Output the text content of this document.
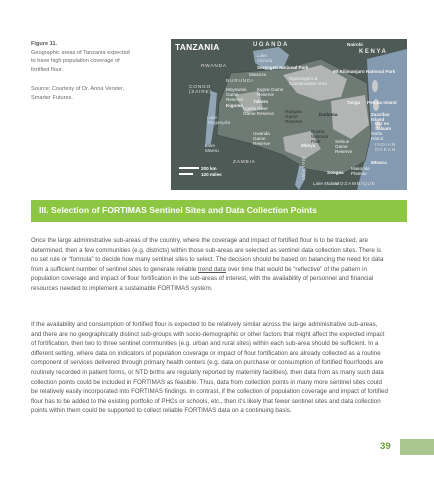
Figure 11.
Geographic areas of Tanzania expected to have high population coverage of fortified flour.
Source: Courtesy of Dr. Anna Verster, Smarter Futures.
TANZANIA	UGANDA	Nairobi
KENYA
Lake Victoria
RWANDA	Serengeti National Park
Mt Kilimanjaro National Park
Mwanza
BURUNDI
Ngorongoro & Conservation Area
CONGO (ZAIRE)
Moyowosi Game Reserve
Kigosi Game Reserve
Tabora
Kigoma
Tanga Pemba Island
Ugalla River Game Reserve	Rungwa Game Reserve
Dodoma	Zanzibar Island
Dar es Salaam
Lake Tanganyika
Ruaha National Park
Mafia Island
Uwanda Game Reserve	Mbeya
Selous Game Reserve
Lake Mweru
INDIAN OCEAN
ZAMBIA	Mtwara
Songea
Makonde Plateau
Lake Malawi
MALAWI
MOZAMBIQUE
200 km
120 miles
III. Selection of FORTIMAS Sentinel Sites and Data Collection Points
Once the large administrative sub-areas of the country, where the coverage and impact of fortified flour is to be tracked, are determined, then a few communities (e.g. districts) within those sub-areas are selected as sentinel data collection sites. There is no set rule or “formula” to decide how many sentinel sites to select. The decision should be based on balancing the need for data from a sufficient number of sentinel sites to generate reliable trend data over time that would be “reflective” of the pattern in population coverage and impact of flour fortification in the sub-areas of interest, with the availability of personnel and financial resources needed to implement a sustainable FORTIMAS system.
If the availability and consumption of fortified flour is expected to be relatively similar across the large administrative sub-areas, and there are no geographically distinct sub-groups with socio-demographic or other factors that might affect the expected impact of fortification, then two to three sentinel communities (e.g. urban and rural sites) within each sub-area should be sufficient. In a different setting, where data on indicators of population coverage or impact of flour fortification are already collected as a routine component of services delivered through primary health centers (e.g. data on purchase or consumption of fortified flour/foods are routinely recorded in patient forms, or NTD births are regularly reported by maternity facilities), then data from as many such data collection points could be included in FORTIMAS as feasible. Thus, data from collection points in many more sentinel sites could be relatively easily incorporated into FORTIMAS findings. In contrast, if the collection of population coverage and impact of fortified flour has to be added to the existing portfolio of PHCs or schools, etc., then it’s likely that fewer sentinel sites and data collection points within them could be supported to collect reliable FORTIMAS data on a continuing basis.
39
